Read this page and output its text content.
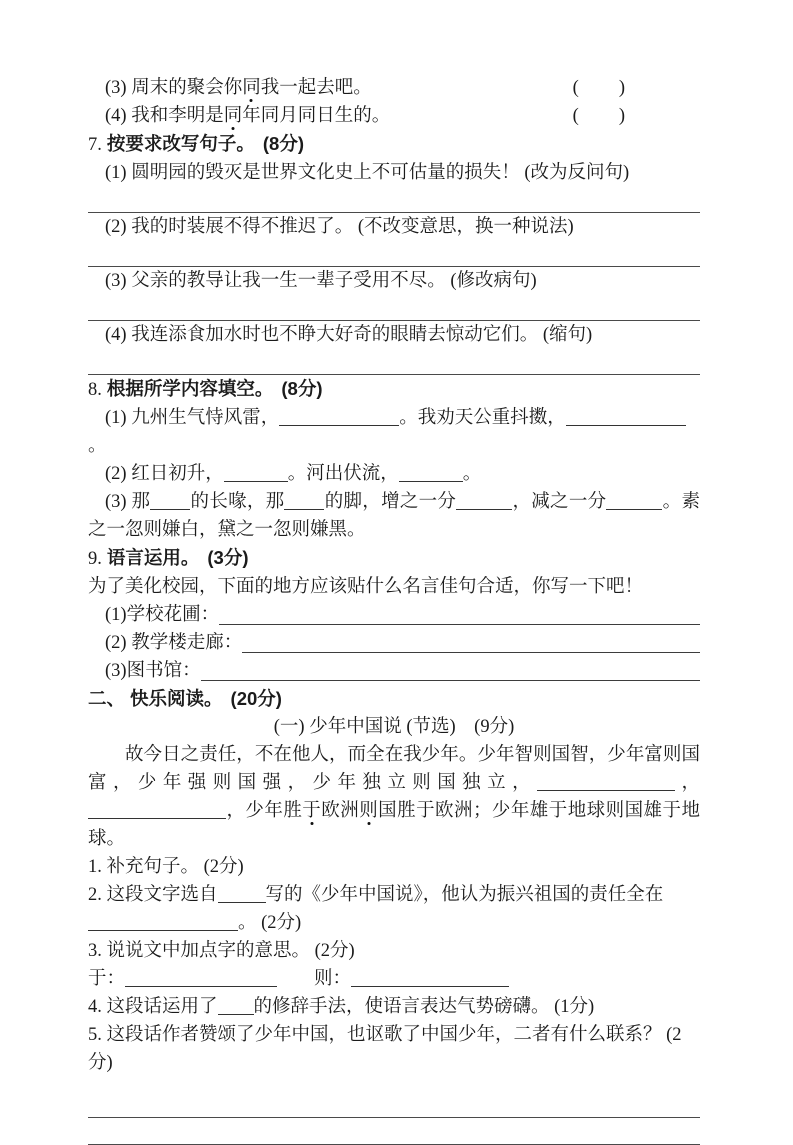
(3) 周末的聚会你同我一起去吧。	(　　)
(4) 我和李明是同年同月同日生的。	(　　)
7. 按要求改写句子。 (8分)
(1) 圆明园的毁灭是世界文化史上不可估量的损失！ (改为反问句)
(2) 我的时装展不得不推迟了。 (不改变意思，换一种说法)
(3) 父亲的教导让我一生一辈子受用不尽。 (修改病句)
(4) 我连添食加水时也不睁大好奇的眼睛去惊动它们。 (缩句)
8. 根据所学内容填空。 (8分)
(1) 九州生气恃风雷，	。我劝天公重抖擞，。
(2) 红日初升，	。河出伏流，	。
(3) 那 的长喙，那 的脚，增之一分	，减之一分	。素之一忽则嫌白，黛之一忽则嫌黑。
9. 语言运用。 (3分)
为了美化校园，下面的地方应该贴什么名言佳句合适，你写一下吧！
(1)学校花圃：
(2) 教学楼走廊：
(3)图书馆：
二、 快乐阅读。 (20分)
(一) 少年中国说 (节选)　(9分)
故今日之责任，不在他人，而全在我少年。少年智则国智，少年富则国富，少年强则国强，少年独立则国独立，	，，少年胜于欧洲则国胜于欧洲；少年雄于地球则国雄于地球。
1. 补充句子。 (2分)
2. 这段文字选自	写的《少年中国说》，他认为振兴祖国的责任全在。 (2分)
3. 说说文中加点字的意思。 (2分)
于：	　　则：
4. 这段话运用了 的修辞手法，使语言表达气势磅礴。 (1分)
5. 这段话作者赞颂了少年中国，也讴歌了中国少年，二者有什么联系？ (2分)
